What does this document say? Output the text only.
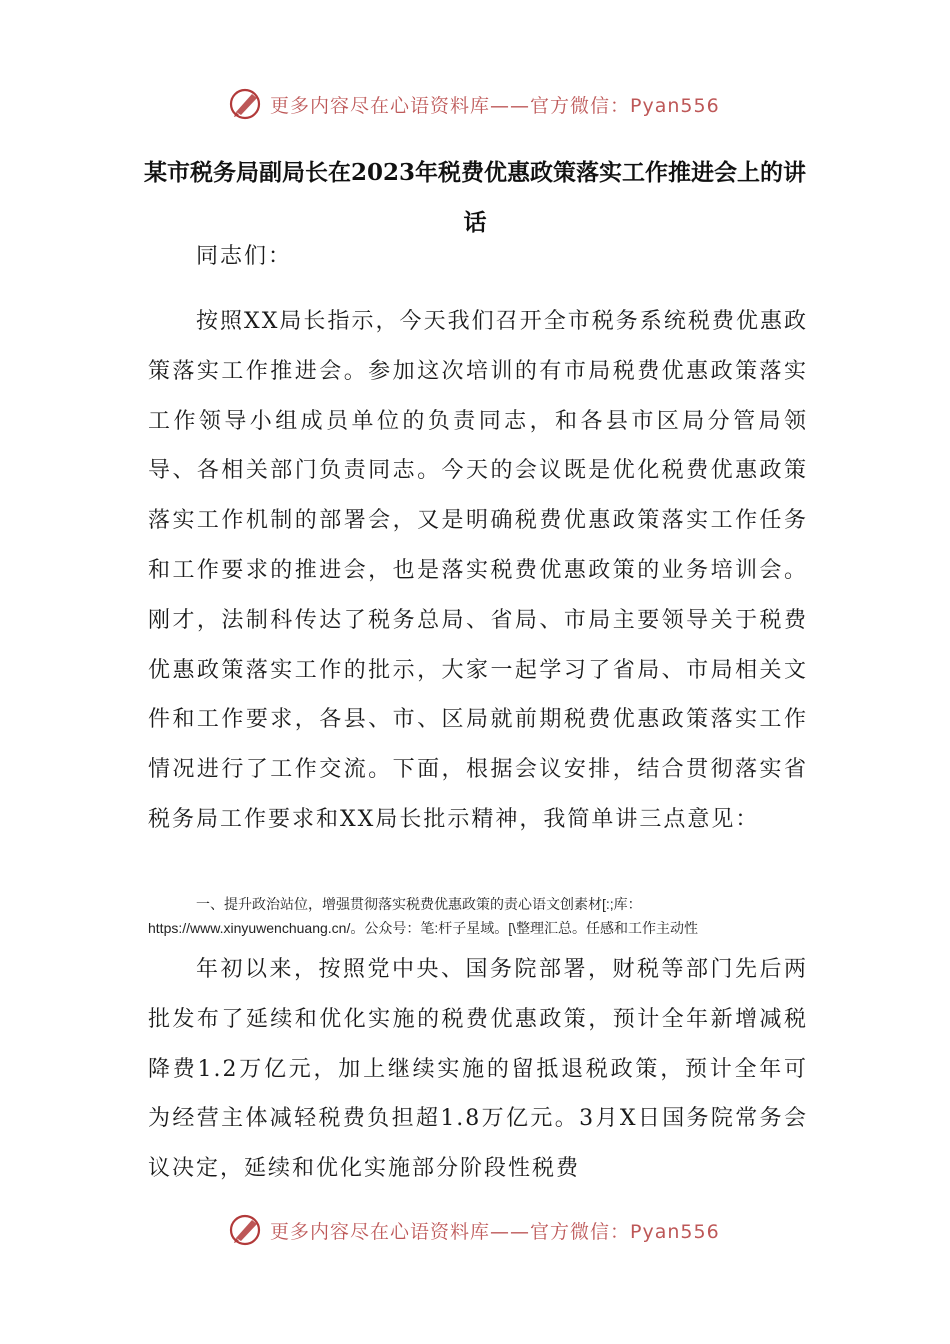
更多内容尽在心语资料库——官方微信：Pyan556
某市税务局副局长在2023年税费优惠政策落实工作推进会上的讲话
同志们：
按照XX局长指示，今天我们召开全市税务系统税费优惠政策落实工作推进会。参加这次培训的有市局税费优惠政策落实工作领导小组成员单位的负责同志，和各县市区局分管局领导、各相关部门负责同志。今天的会议既是优化税费优惠政策落实工作机制的部署会，又是明确税费优惠政策落实工作任务和工作要求的推进会，也是落实税费优惠政策的业务培训会。刚才，法制科传达了税务总局、省局、市局主要领导关于税费优惠政策落实工作的批示，大家一起学习了省局、市局相关文件和工作要求，各县、市、区局就前期税费优惠政策落实工作情况进行了工作交流。下面，根据会议安排，结合贯彻落实省税务局工作要求和XX局长批示精神，我简单讲三点意见：
一、提升政治站位，增强贯彻落实税费优惠政策的责心语文创素材[:;库：https://www.xinyuwenchuang.cn/。公众号：笔:杆子星域。[\整理汇总。任感和工作主动性
年初以来，按照党中央、国务院部署，财税等部门先后两批发布了延续和优化实施的税费优惠政策，预计全年新增减税降费1.2万亿元，加上继续实施的留抵退税政策，预计全年可为经营主体减轻税费负担超1.8万亿元。3月X日国务院常务会议决定，延续和优化实施部分阶段性税费
更多内容尽在心语资料库——官方微信：Pyan556
